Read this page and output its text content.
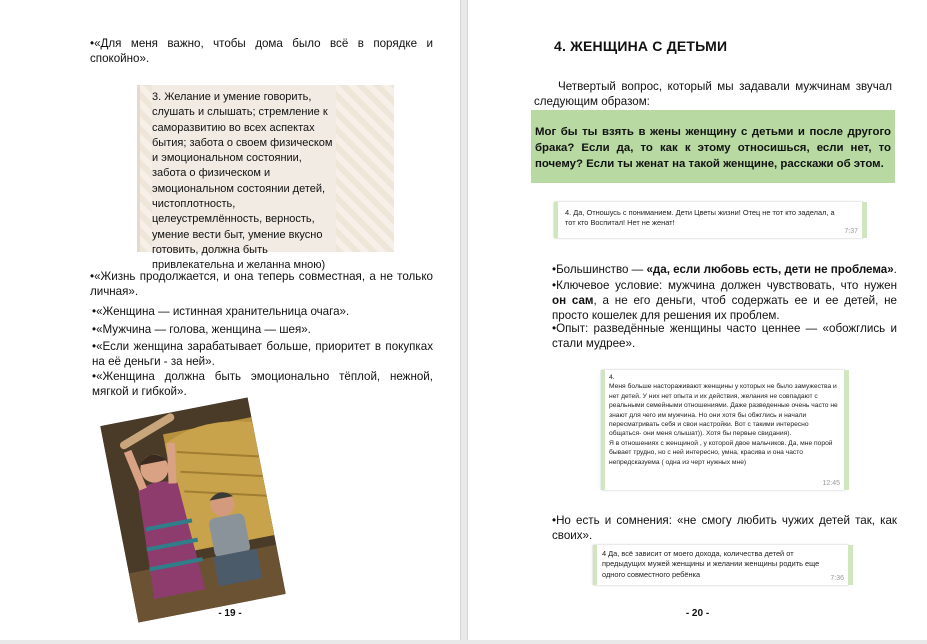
•«Для меня важно, чтобы дома было всё в порядке и спокойно».
3. Желание и умение говорить, слушать и слышать; стремление к саморазвитию во всех аспектах бытия; забота о своем физическом и эмоциональном состоянии, забота о физическом и эмоциональном состоянии детей, чистоплотность, целеустремлённость, верность, умение вести быт, умение вкусно готовить, должна быть привлекательна и желанна мною)
•«Жизнь продолжается, и она теперь совместная, а не только личная».
•«Женщина — истинная хранительница очага».
•«Мужчина — голова, женщина — шея».
•«Если женщина зарабатывает больше, приоритет в покупках на её деньги - за ней».
•«Женщина должна быть эмоционально тёплой, нежной, мягкой и гибкой».
- 19 -
4. ЖЕНЩИНА С ДЕТЬМИ
Четвертый вопрос, который мы задавали мужчинам звучал следующим образом:
Мог бы ты взять в жены женщину с детьми и после другого брака? Если да, то как к этому относишься, если нет, то почему? Если ты женат на такой женщине, расскажи об этом.
4. Да, Отношусь с пониманием. Дети Цветы жизни! Отец не тот кто заделал, а тот кто Воспитал! Нет не женат!
7:37
•Большинство — «да, если любовь есть, дети не проблема».
•Ключевое условие: мужчина должен чувствовать, что нужен он сам, а не его деньги, чтоб содержать ее и ее детей, не просто кошелек для решения их проблем.
•Опыт: разведённые женщины часто ценнее — «обожглись и стали мудрее».
4.
Меня больше настораживают женщины у которых не было замужества и нет детей. У них нет опыта и их действия, желания не совпадают с реальными семейными отношениями. Даже разведенные очень часто не знают для чего им мужчина. Но они хотя бы обжглись и начали пересматривать себя и свои настройки. Вот с такими интересно общаться- они меня слышат)). Хотя бы первые свидания).
Я в отношениях с женщиной , у которой двое мальчиков. Да, мне порой бывает трудно, но с ней интересно, умна, красива и она часто непредсказуема ( одна из черт нужных мне)
12:45
•Но есть и сомнения: «не смогу любить чужих детей так, как своих».
4 Да, всё зависит от моего дохода, количества детей от предыдущих мужей женщины и желании женщины родить еще одного совместного ребёнка	7:36
- 20 -
